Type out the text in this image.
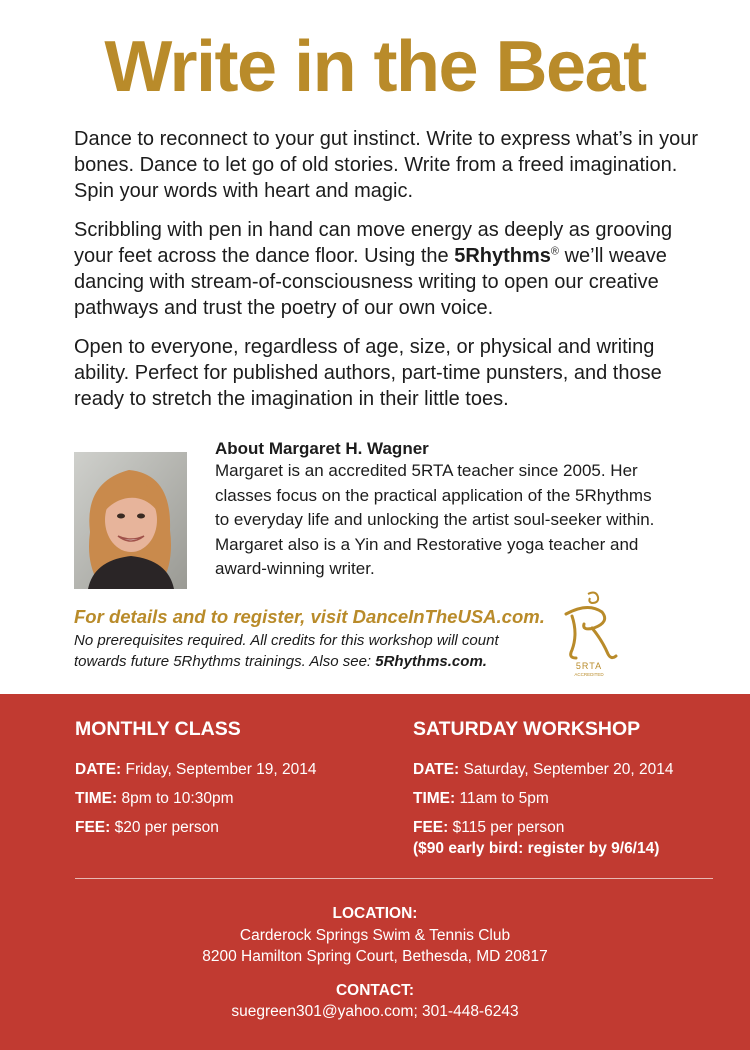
Write in the Beat

Dance to reconnect to your gut instinct. Write to express what’s in your bones. Dance to let go of old stories. Write from a freed imagination. Spin your words with heart and magic.

Scribbling with pen in hand can move energy as deeply as grooving your feet across the dance floor. Using the 5Rhythms® we’ll weave dancing with stream-of-consciousness writing to open our creative pathways and trust the poetry of our own voice.

Open to everyone, regardless of age, size, or physical and writing ability. Perfect for published authors, part-time punsters, and those ready to stretch the imagination in their little toes.

About Margaret H. Wagner

Margaret is an accredited 5RTA teacher since 2005. Her classes focus on the practical application of the 5Rhythms to everyday life and unlocking the artist soul-seeker within. Margaret also is a Yin and Restorative yoga teacher and award-winning writer.

For details and to register, visit DanceInTheUSA.com.

No prerequisites required. All credits for this workshop will count towards future 5Rhythms trainings. Also see: 5Rhythms.com.	5RTA
ACCREDITED
MONTHLY CLASS
DATE: Friday, September 19, 2014
TIME: 8pm to 10:30pm
FEE: $20 per person
SATURDAY WORKSHOP
DATE: Saturday, September 20, 2014
TIME: 11am to 5pm
FEE: $115 per person
($90 early bird: register by 9/6/14)
LOCATION:
Carderock Springs Swim & Tennis Club
8200 Hamilton Spring Court, Bethesda, MD 20817
CONTACT:
suegreen301@yahoo.com; 301-448-6243
